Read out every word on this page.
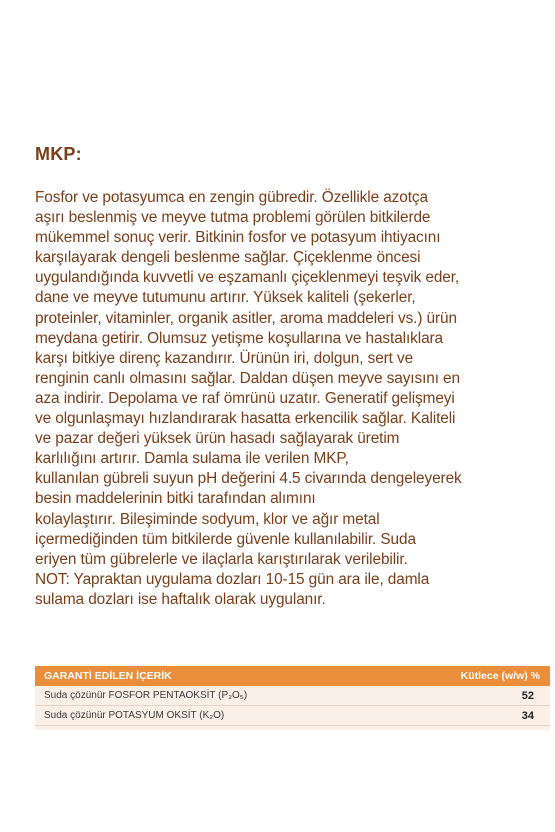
MKP:

Fosfor ve potasyumca en zengin gübredir. Özellikle azotça
aşırı beslenmiş ve meyve tutma problemi görülen bitkilerde
mükemmel sonuç verir. Bitkinin fosfor ve potasyum ihtiyacını
karşılayarak dengeli beslenme sağlar. Çiçeklenme öncesi
uygulandığında kuvvetli ve eşzamanlı çiçeklenmeyi teşvik eder,
dane ve meyve tutumunu artırır. Yüksek kaliteli (şekerler,
proteinler, vitaminler, organik asitler, aroma maddeleri vs.) ürün
meydana getirir. Olumsuz yetişme koşullarına ve hastalıklara
karşı bitkiye direnç kazandırır. Ürünün iri, dolgun, sert ve
renginin canlı olmasını sağlar. Daldan düşen meyve sayısını en
aza indirir. Depolama ve raf ömrünü uzatır. Generatif gelişmeyi
ve olgunlaşmayı hızlandırarak hasatta erkencilik sağlar. Kaliteli
ve pazar değeri yüksek ürün hasadı sağlayarak üretim
karlılığını artırır. Damla sulama ile verilen MKP,
kullanılan gübreli suyun pH değerini 4.5 civarında dengeleyerek
besin maddelerinin bitki tarafından alımını
kolaylaştırır. Bileşiminde sodyum, klor ve ağır metal
içermediğinden tüm bitkilerde güvenle kullanılabilir. Suda
eriyen tüm gübrelerle ve ilaçlarla karıştırılarak verilebilir.
NOT: Yapraktan uygulama dozları 10-15 gün ara ile, damla
sulama dozları ise haftalık olarak uygulanır.

GARANTİ EDİLEN İÇERİK	Kütlece (w/w) %
Suda çözünür FOSFOR PENTAOKSİT (P₂O₅)	52
Suda çözünür POTASYUM OKSİT (K₂O)	34
